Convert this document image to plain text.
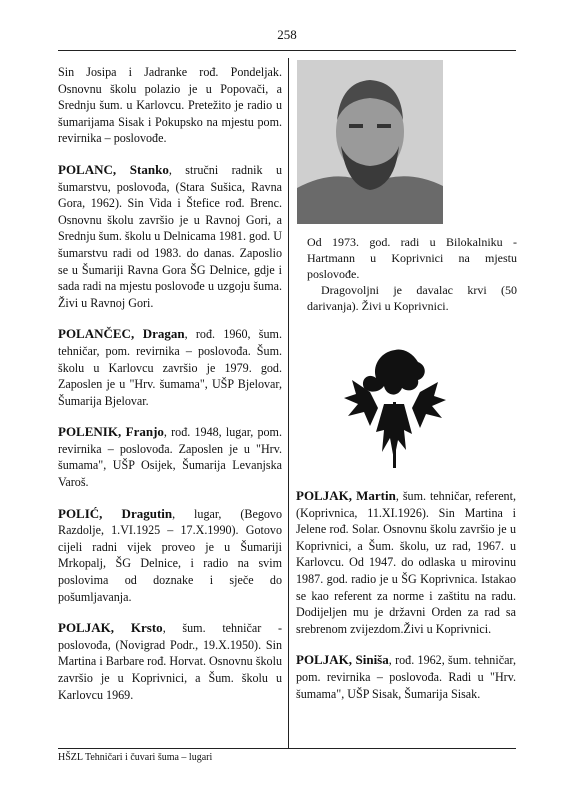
258

Sin Josipa i Jadranke rođ. Pondeljak. Osnovnu školu polazio je u Popovači, a Srednju šum. u Karlovcu. Pretežito je radio u šumarijama Sisak i Pokupsko na mjestu pom. revirnika – poslovođe.

POLANC, Stanko, stručni radnik u šumarstvu, poslovođa, (Stara Sušica, Ravna Gora, 1962). Sin Vida i Štefice rođ. Brenc. Osnovnu školu završio je u Ravnoj Gori, a Srednju šum. školu u Delnicama 1981. god. U šumarstvu radi od 1983. do danas. Zaposlio se u Šumariji Ravna Gora ŠG Delnice, gdje i sada radi na mjestu poslovođe u uzgoju šuma. Živi u Ravnoj Gori.

POLANČEC, Dragan, rođ. 1960, šum. tehničar, pom. revirnika – poslovođa. Šum. školu u Karlovcu završio je 1979. god. Zaposlen je u "Hrv. šumama", UŠP Bjelovar, Šumarija Bjelovar.

POLENIK, Franjo, rođ. 1948, lugar, pom. revirnika – poslovođa. Zaposlen je u "Hrv. šumama", UŠP Osijek, Šumarija Levanjska Varoš.

POLIĆ, Dragutin, lugar, (Begovo Razdolje, 1.VI.1925 – 17.X.1990). Gotovo cijeli radni vijek proveo je u Šumariji Mrkopalj, ŠG Delnice, i radio na svim poslovima od doznake i sječe do pošumljavanja.

POLJAK, Krsto, šum. tehničar - poslovođa, (Novigrad Podr., 19.X.1950). Sin Martina i Barbare rođ. Horvat. Osnovnu školu završio je u Koprivnici, a Šum. školu u Karlovcu 1969.

Od 1973. god. radi u Bilokalniku - Hartmann u Koprivnici na mjestu poslovođe.

Dragovoljni je davalac krvi (50 darivanja). Živi u Koprivnici.

POLJAK, Martin, šum. tehničar, referent, (Koprivnica, 11.XI.1926). Sin Martina i Jelene rođ. Solar. Osnovnu školu završio je u Koprivnici, a Šum. školu, uz rad, 1967. u Karlovcu. Od 1947. do odlaska u mirovinu 1987. god. radio je u ŠG Koprivnica. Istakao se kao referent za norme i zaštitu na radu. Dodijeljen mu je državni Orden za rad sa srebrenom zvijezdom.Živi u Koprivnici.

POLJAK, Siniša, rođ. 1962, šum. tehničar, pom. revirnika – poslovođa. Radi u "Hrv. šumama", UŠP Sisak, Šumarija Sisak.

HŠZL Tehničari i čuvari šuma – lugari
